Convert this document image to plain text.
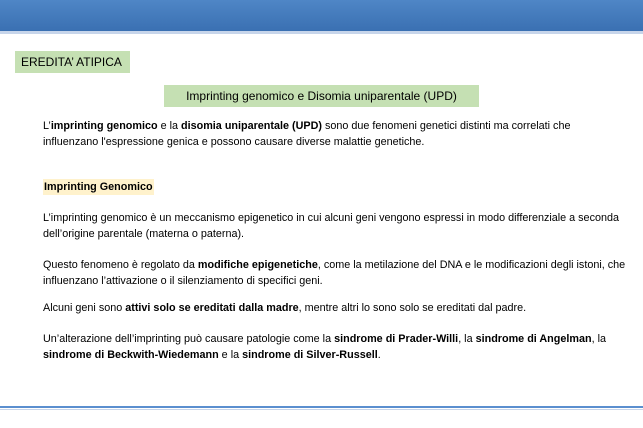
EREDITA’ ATIPICA
Imprinting genomico e Disomia uniparentale (UPD)
L’imprinting genomico e la disomia uniparentale (UPD) sono due fenomeni genetici distinti ma correlati che influenzano l'espressione genica e possono causare diverse malattie genetiche.
Imprinting Genomico
L’imprinting genomico è un meccanismo epigenetico in cui alcuni geni vengono espressi in modo differenziale a seconda dell’origine parentale (materna o paterna).
Questo fenomeno è regolato da modifiche epigenetiche, come la metilazione del DNA e le modificazioni degli istoni, che influenzano l’attivazione o il silenziamento di specifici geni.
Alcuni geni sono attivi solo se ereditati dalla madre, mentre altri lo sono solo se ereditati dal padre.
Un’alterazione dell’imprinting può causare patologie come la sindrome di Prader-Willi, la sindrome di Angelman, la sindrome di Beckwith-Wiedemann e la sindrome di Silver-Russell.
